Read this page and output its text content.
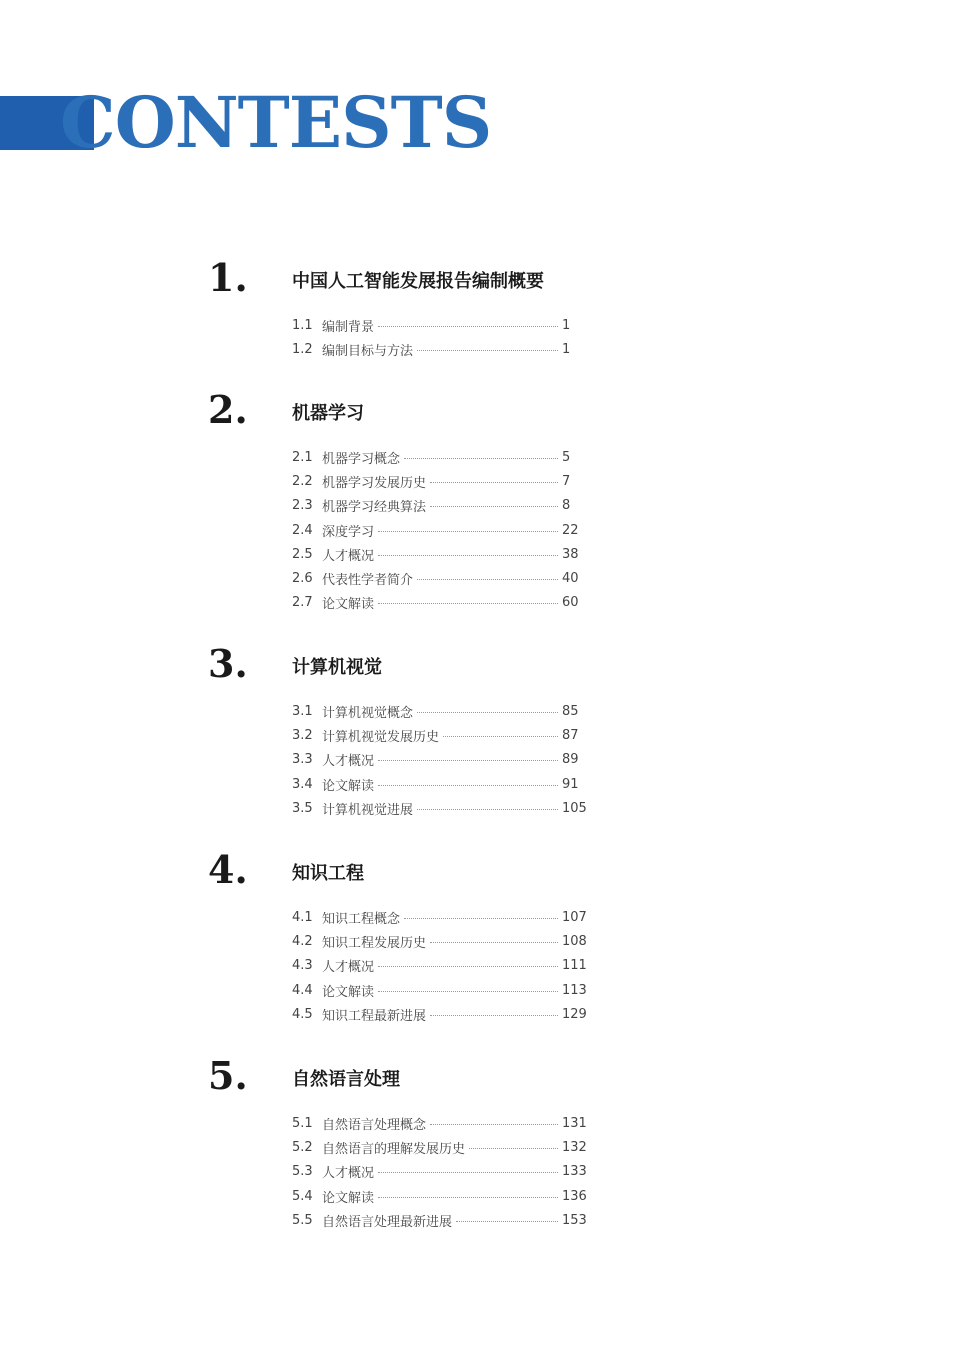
CONTESTS
1. 中国人工智能发展报告编制概要
1.1 编制背景	1
1.2 编制目标与方法	1
2. 机器学习
2.1 机器学习概念	5
2.2 机器学习发展历史	7
2.3 机器学习经典算法	8
2.4 深度学习	22
2.5 人才概况	38
2.6 代表性学者简介	40
2.7 论文解读	60
3. 计算机视觉
3.1 计算机视觉概念	85
3.2 计算机视觉发展历史	87
3.3 人才概况	89
3.4 论文解读	91
3.5 计算机视觉进展	105
4. 知识工程
4.1 知识工程概念	107
4.2 知识工程发展历史	108
4.3 人才概况	111
4.4 论文解读	113
4.5 知识工程最新进展	129
5. 自然语言处理
5.1 自然语言处理概念	131
5.2 自然语言的理解发展历史	132
5.3 人才概况	133
5.4 论文解读	136
5.5 自然语言处理最新进展	153
